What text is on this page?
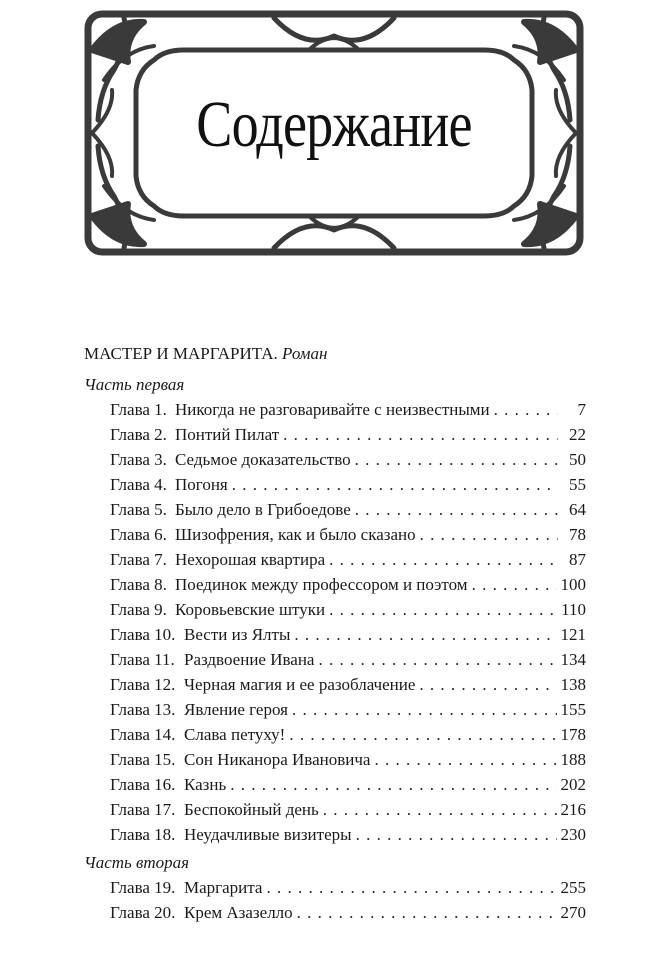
Содержание
МАСТЕР И МАРГАРИТА. Роман
Часть первая
Глава 1. Никогда не разговаривайте с неизвестными . . .	7
Глава 2. Понтий Пилат . . .	22
Глава 3. Седьмое доказательство . . .	50
Глава 4. Погоня . . .	55
Глава 5. Было дело в Грибоедове . . .	64
Глава 6. Шизофрения, как и было сказано . . .	78
Глава 7. Нехорошая квартира . . .	87
Глава 8. Поединок между профессором и поэтом . . .	100
Глава 9. Коровьевские штуки . . .	110
Глава 10. Вести из Ялты . . .	121
Глава 11. Раздвоение Ивана . . .	134
Глава 12. Черная магия и ее разоблачение . . .	138
Глава 13. Явление героя . . .	155
Глава 14. Слава петуху! . . .	178
Глава 15. Сон Никанора Ивановича . . .	188
Глава 16. Казнь . . .	202
Глава 17. Беспокойный день . . .	216
Глава 18. Неудачливые визитеры . . .	230
Часть вторая
Глава 19. Маргарита . . .	255
Глава 20. Крем Азазелло . . .	270
